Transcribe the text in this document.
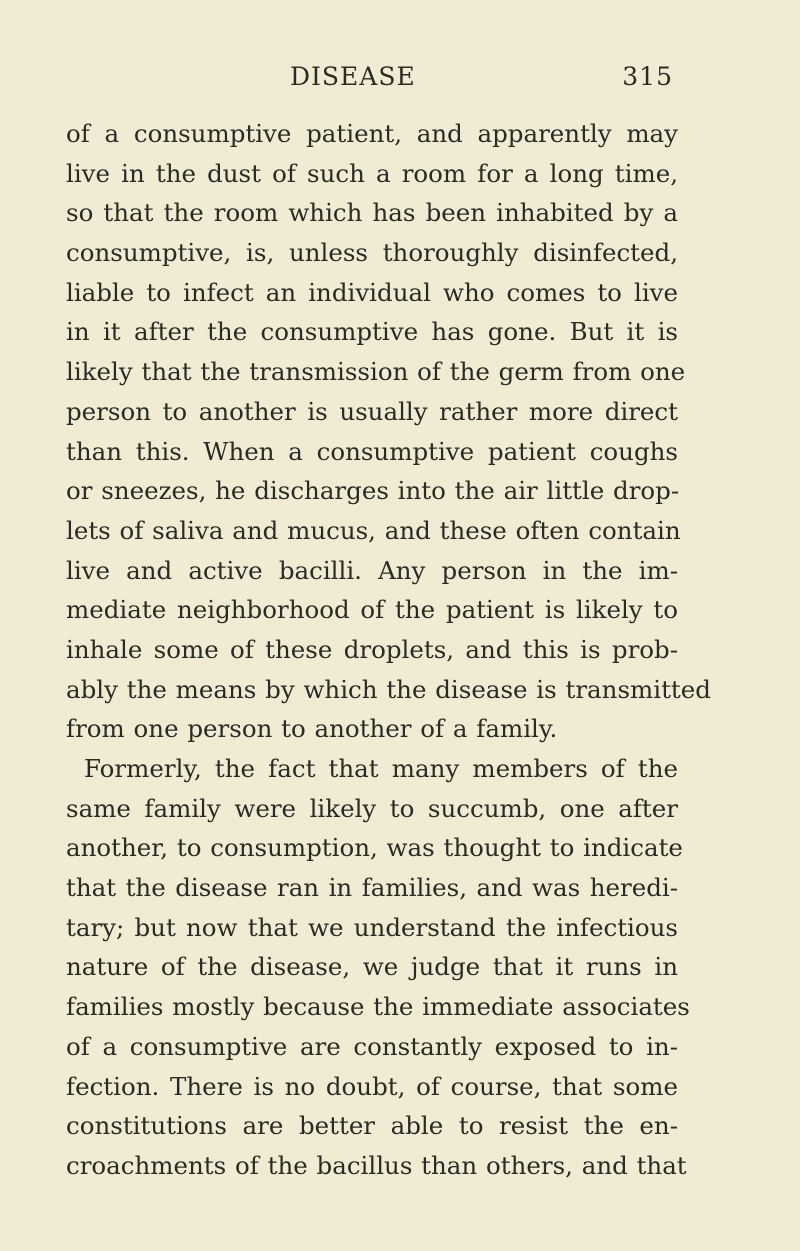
DISEASE	315
of a consumptive patient, and apparently may
live in the dust of such a room for a long time,
so that the room which has been inhabited by a
consumptive, is, unless thoroughly disinfected,
liable to infect an individual who comes to live
in it after the consumptive has gone. But it is
likely that the transmission of the germ from one
person to another is usually rather more direct
than this. When a consumptive patient coughs
or sneezes, he discharges into the air little drop-
lets of saliva and mucus, and these often contain
live and active bacilli. Any person in the im-
mediate neighborhood of the patient is likely to
inhale some of these droplets, and this is prob-
ably the means by which the disease is transmitted
from one person to another of a family.
Formerly, the fact that many members of the
same family were likely to succumb, one after
another, to consumption, was thought to indicate
that the disease ran in families, and was heredi-
tary; but now that we understand the infectious
nature of the disease, we judge that it runs in
families mostly because the immediate associates
of a consumptive are constantly exposed to in-
fection. There is no doubt, of course, that some
constitutions are better able to resist the en-
croachments of the bacillus than others, and that
